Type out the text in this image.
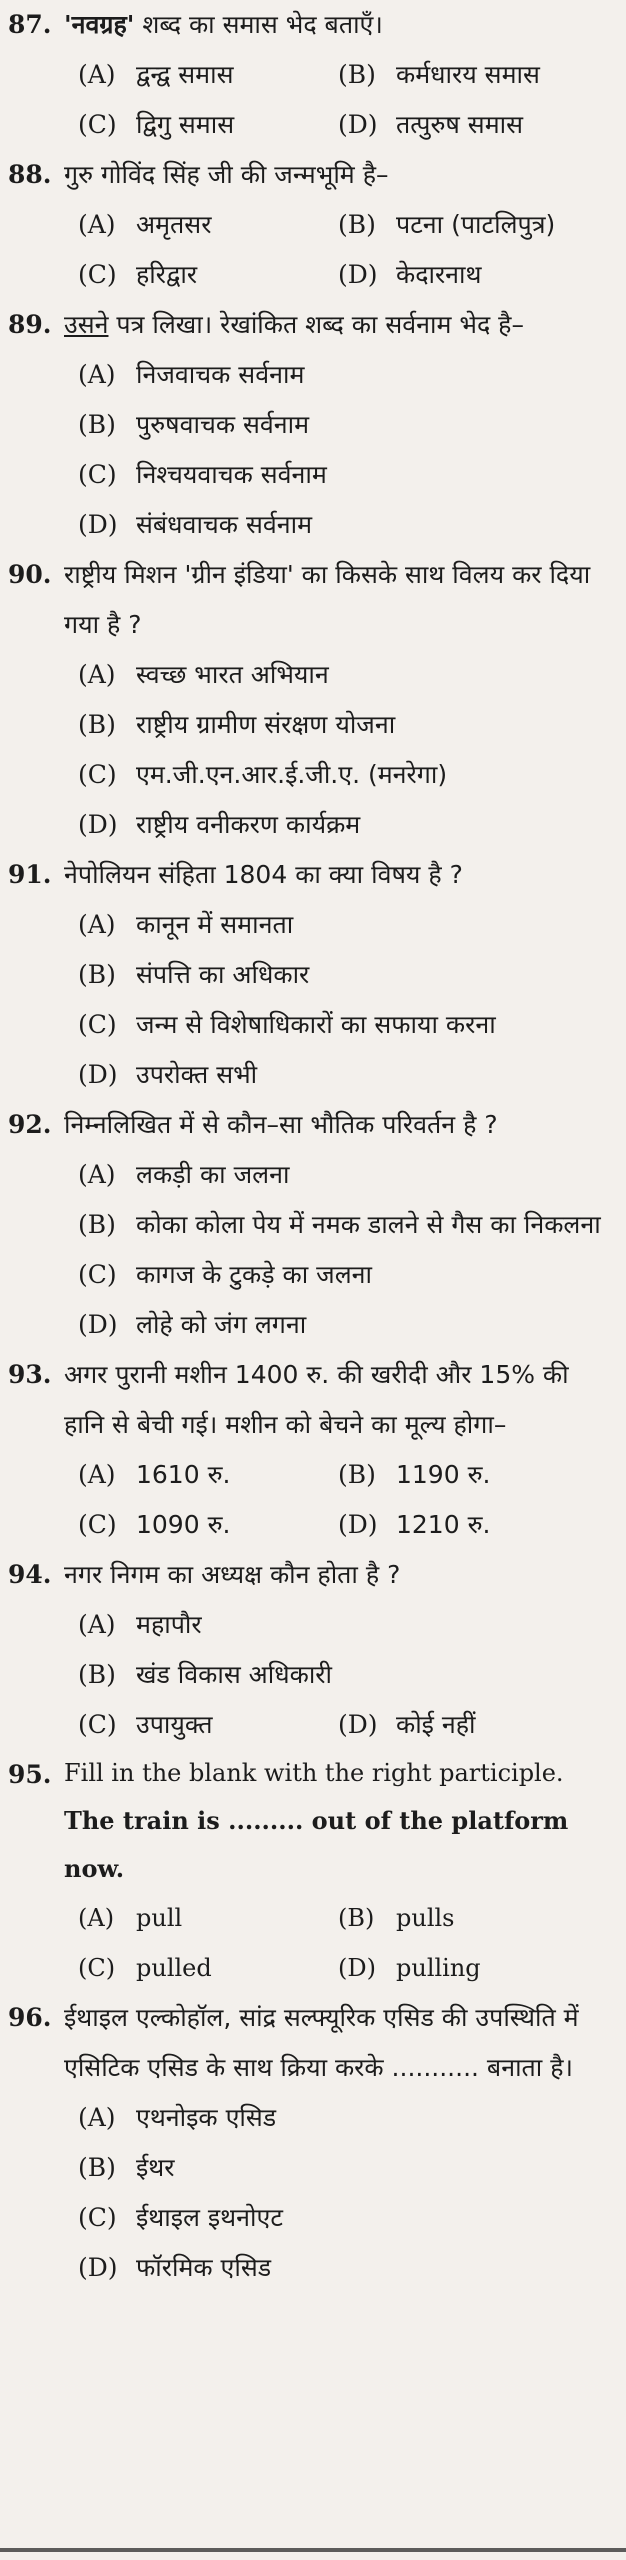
87. 'नवग्रह' शब्द का समास भेद बताएँ।
(A) द्वन्द्व समास	(B) कर्मधारय समास
(C) द्विगु समास	(D) तत्पुरुष समास
88. गुरु गोविंद सिंह जी की जन्मभूमि है–
(A) अमृतसर	(B) पटना (पाटलिपुत्र)
(C) हरिद्वार	(D) केदारनाथ
89. उसने पत्र लिखा। रेखांकित शब्द का सर्वनाम भेद है–
(A) निजवाचक सर्वनाम
(B) पुरुषवाचक सर्वनाम
(C) निश्चयवाचक सर्वनाम
(D) संबंधवाचक सर्वनाम
90. राष्ट्रीय मिशन 'ग्रीन इंडिया' का किसके साथ विलय कर दिया गया है ?
(A) स्वच्छ भारत अभियान
(B) राष्ट्रीय ग्रामीण संरक्षण योजना
(C) एम.जी.एन.आर.ई.जी.ए. (मनरेगा)
(D) राष्ट्रीय वनीकरण कार्यक्रम
91. नेपोलियन संहिता 1804 का क्या विषय है ?
(A) कानून में समानता
(B) संपत्ति का अधिकार
(C) जन्म से विशेषाधिकारों का सफाया करना
(D) उपरोक्त सभी
92. निम्नलिखित में से कौन–सा भौतिक परिवर्तन है ?
(A) लकड़ी का जलना
(B) कोका कोला पेय में नमक डालने से गैस का निकलना
(C) कागज के टुकड़े का जलना
(D) लोहे को जंग लगना
93. अगर पुरानी मशीन 1400 रु. की खरीदी और 15% की हानि से बेची गई। मशीन को बेचने का मूल्य होगा–
(A) 1610 रु.	(B) 1190 रु.
(C) 1090 रु.	(D) 1210 रु.
94. नगर निगम का अध्यक्ष कौन होता है ?
(A) महापौर
(B) खंड विकास अधिकारी
(C) उपायुक्त	(D) कोई नहीं
95. Fill in the blank with the right participle.
The train is ......... out of the platform now.
(A) pull	(B) pulls
(C) pulled	(D) pulling
96. ईथाइल एल्कोहॉल, सांद्र सल्फ्यूरिक एसिड की उपस्थिति में एसिटिक एसिड के साथ क्रिया करके ........... बनाता है।
(A) एथनोइक एसिड
(B) ईथर
(C) ईथाइल इथनोएट
(D) फॉरमिक एसिड
